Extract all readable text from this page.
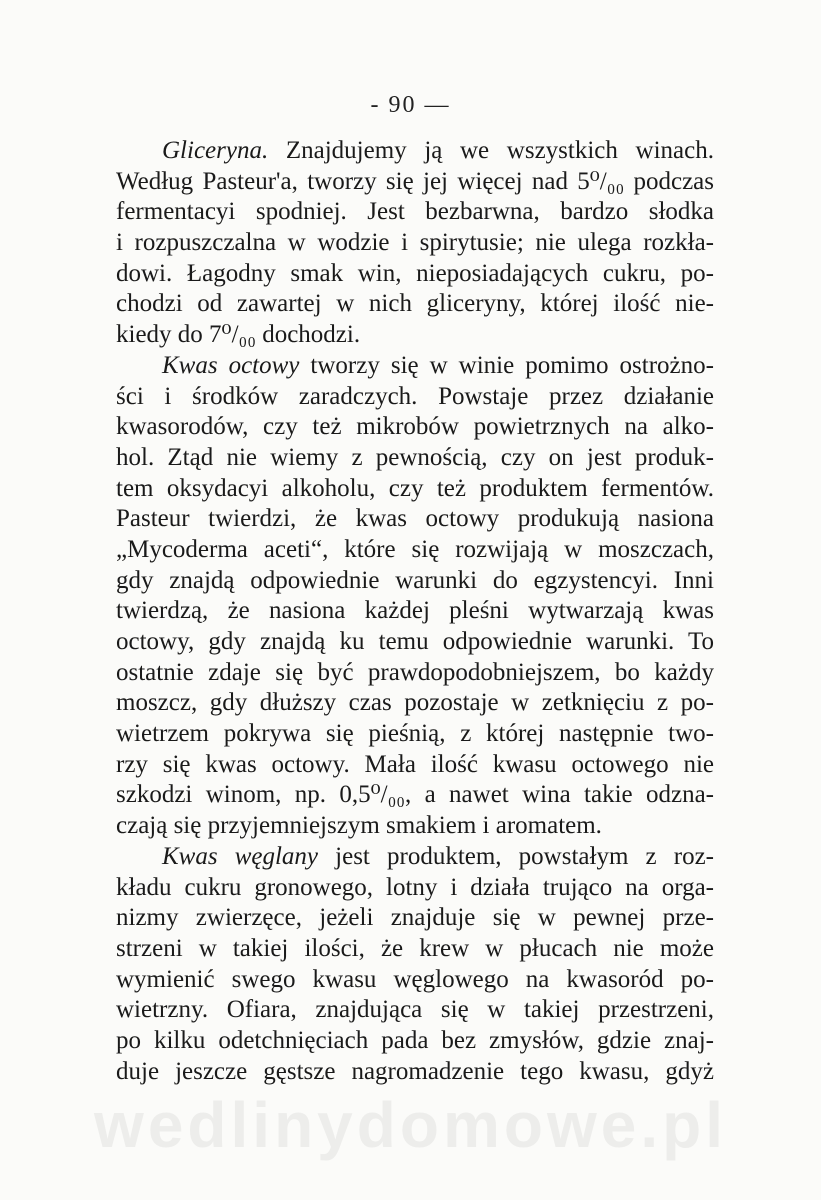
- 90 —
Gliceryna. Znajdujemy ją we wszystkich winach.
Według Pasteur'a, tworzy się jej więcej nad 5⁰/₀₀ podczas
fermentacyi spodniej. Jest bezbarwna, bardzo słodka
i rozpuszczalna w wodzie i spirytusie; nie ulega rozkła-
dowi. Łagodny smak win, nieposiadających cukru, po-
chodzi od zawartej w nich gliceryny, której ilość nie-
kiedy do 7⁰/₀₀ dochodzi.
Kwas octowy tworzy się w winie pomimo ostrożno-
ści i środków zaradczych. Powstaje przez działanie
kwasorodów, czy też mikrobów powietrznych na alko-
hol. Ztąd nie wiemy z pewnością, czy on jest produk-
tem oksydacyi alkoholu, czy też produktem fermentów.
Pasteur twierdzi, że kwas octowy produkują nasiona
„Mycoderma aceti“, które się rozwijają w moszczach,
gdy znajdą odpowiednie warunki do egzystencyi. Inni
twierdzą, że nasiona każdej pleśni wytwarzają kwas
octowy, gdy znajdą ku temu odpowiednie warunki. To
ostatnie zdaje się być prawdopodobniejszem, bo każdy
moszcz, gdy dłuższy czas pozostaje w zetknięciu z po-
wietrzem pokrywa się pieśnią, z której następnie two-
rzy się kwas octowy. Mała ilość kwasu octowego nie
szkodzi winom, np. 0,5⁰/₀₀, a nawet wina takie odzna-
czają się przyjemniejszym smakiem i aromatem.
Kwas węglany jest produktem, powstałym z roz-
kładu cukru gronowego, lotny i działa trująco na orga-
nizmy zwierzęce, jeżeli znajduje się w pewnej prze-
strzeni w takiej ilości, że krew w płucach nie może
wymienić swego kwasu węglowego na kwasoród po-
wietrzny. Ofiara, znajdująca się w takiej przestrzeni,
po kilku odetchnięciach pada bez zmysłów, gdzie znaj-
duje jeszcze gęstsze nagromadzenie tego kwasu, gdyż
wedlinydomowe.pl
